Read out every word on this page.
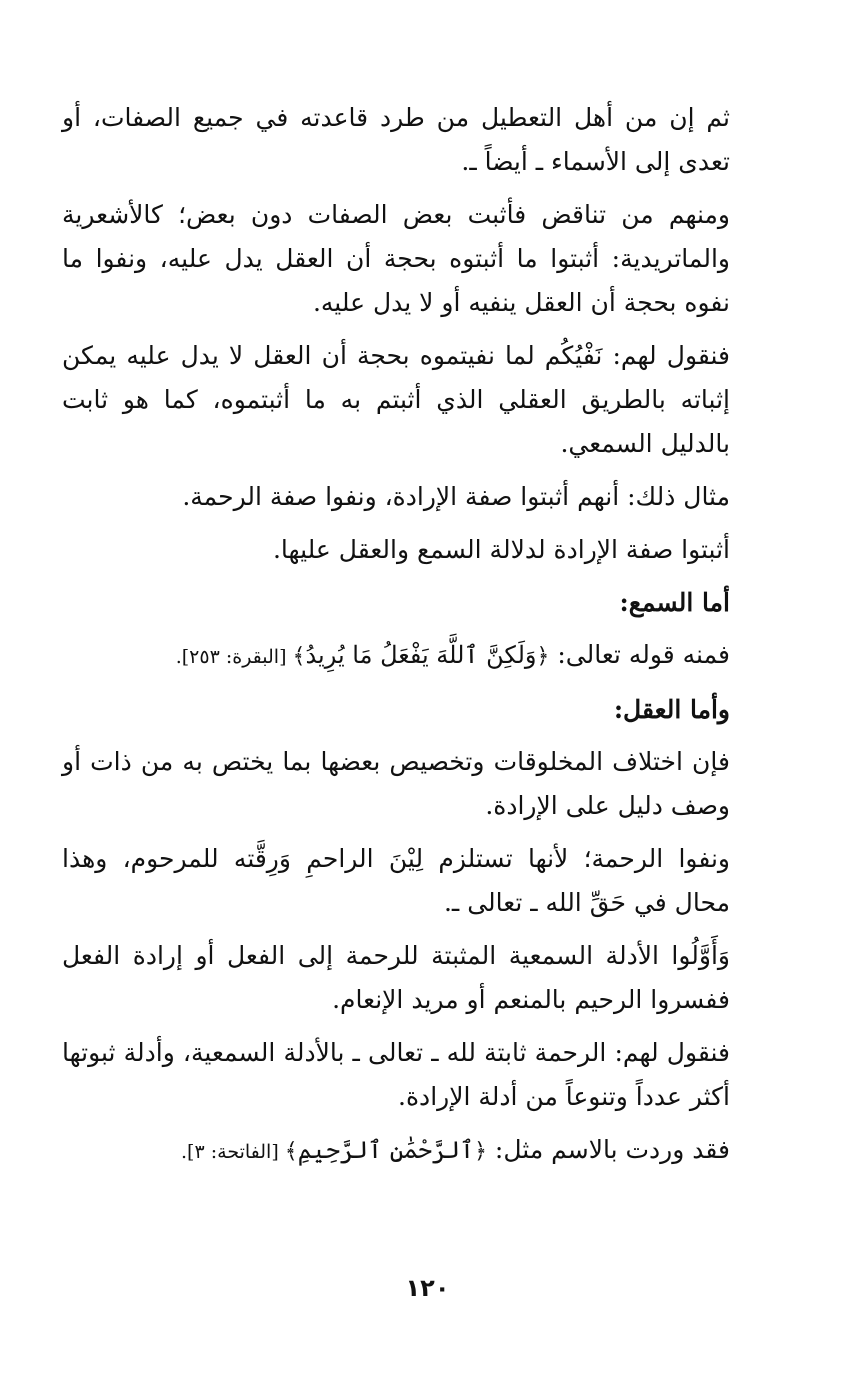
ثم إن من أهل التعطيل من طرد قاعدته في جميع الصفات، أو تعدى إلى الأسماء ـ أيضاً ـ.

ومنهم من تناقض فأثبت بعض الصفات دون بعض؛ كالأشعرية والماتريدية: أثبتوا ما أثبتوه بحجة أن العقل يدل عليه، ونفوا ما نفوه بحجة أن العقل ينفيه أو لا يدل عليه.

فنقول لهم: نَفْيُكُم لما نفيتموه بحجة أن العقل لا يدل عليه يمكن إثباته بالطريق العقلي الذي أثبتم به ما أثبتموه، كما هو ثابت بالدليل السمعي.

مثال ذلك: أنهم أثبتوا صفة الإرادة، ونفوا صفة الرحمة.

أثبتوا صفة الإرادة لدلالة السمع والعقل عليها.

أما السمع:

فمنه قوله تعالى: ﴿وَلَكِنَّ ٱللَّهَ يَفْعَلُ مَا يُرِيدُ﴾ [البقرة: ٢٥٣].

وأما العقل:

فإن اختلاف المخلوقات وتخصيص بعضها بما يختص به من ذات أو وصف دليل على الإرادة.

ونفوا الرحمة؛ لأنها تستلزم لِيْنَ الراحمِ وَرِقَّته للمرحوم، وهذا محال في حَقِّ الله ـ تعالى ـ.

وَأَوَّلُوا الأدلة السمعية المثبتة للرحمة إلى الفعل أو إرادة الفعل ففسروا الرحيم بالمنعم أو مريد الإنعام.

فنقول لهم: الرحمة ثابتة لله ـ تعالى ـ بالأدلة السمعية، وأدلة ثبوتها أكثر عدداً وتنوعاً من أدلة الإرادة.

فقد وردت بالاسم مثل: ﴿ٱلرَّحْمَٰنِ ٱلرَّحِيمِ﴾ [الفاتحة: ٣].

١٢٠
